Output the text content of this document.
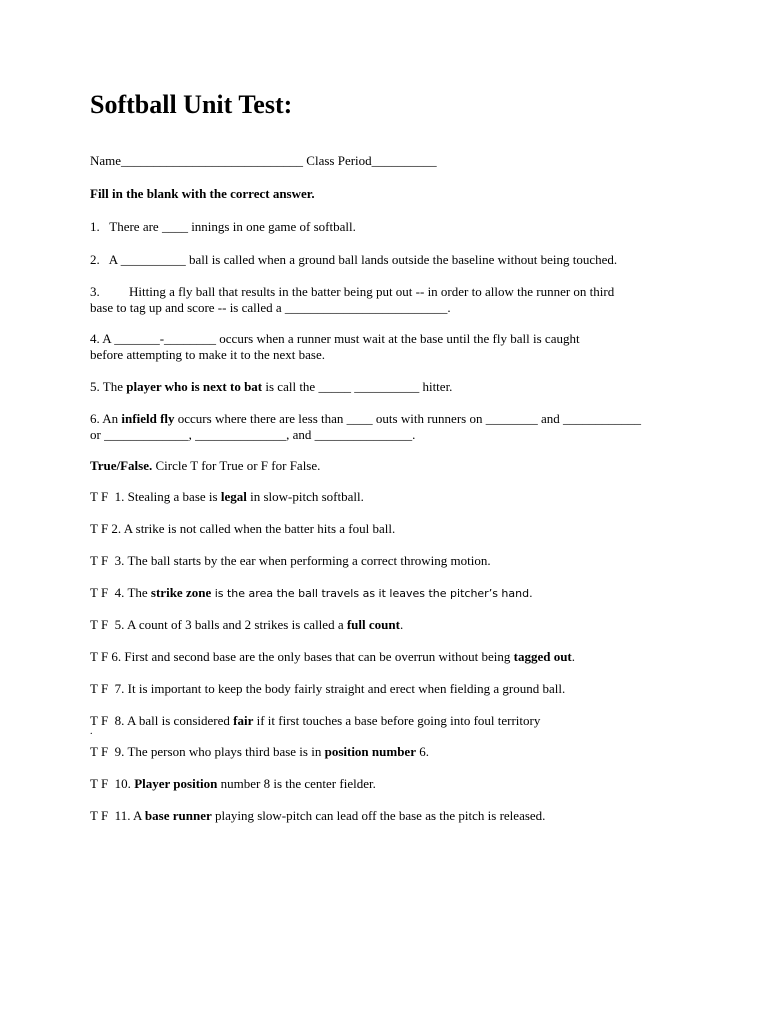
Softball Unit Test:

Name____________________________ Class Period__________

Fill in the blank with the correct answer.

1.   There are ____ innings in one game of softball.

2.   A __________ ball is called when a ground ball lands outside the baseline without being touched.

3.         Hitting a fly ball that results in the batter being put out -- in order to allow the runner on third

base to tag up and score -- is called a _________________________.

4. A _______-________ occurs when a runner must wait at the base until the fly ball is caught

before attempting to make it to the next base.

5. The player who is next to bat is call the _____ __________ hitter.

6. An infield fly occurs where there are less than ____ outs with runners on ________ and ____________

or _____________, ______________, and _______________.

True/False. Circle T for True or F for False.

T F  1. Stealing a base is legal in slow-pitch softball.

T F 2. A strike is not called when the batter hits a foul ball.

T F  3. The ball starts by the ear when performing a correct throwing motion.

T F  4. The strike zone is the area the ball travels as it leaves the pitcher’s hand.

T F  5. A count of 3 balls and 2 strikes is called a full count.

T F 6. First and second base are the only bases that can be overrun without being tagged out.

T F  7. It is important to keep the body fairly straight and erect when fielding a ground ball.

T F  8. A ball is considered fair if it first touches a base before going into foul territory

.

T F  9. The person who plays third base is in position number 6.

T F  10. Player position number 8 is the center fielder.

T F  11. A base runner playing slow-pitch can lead off the base as the pitch is released.
